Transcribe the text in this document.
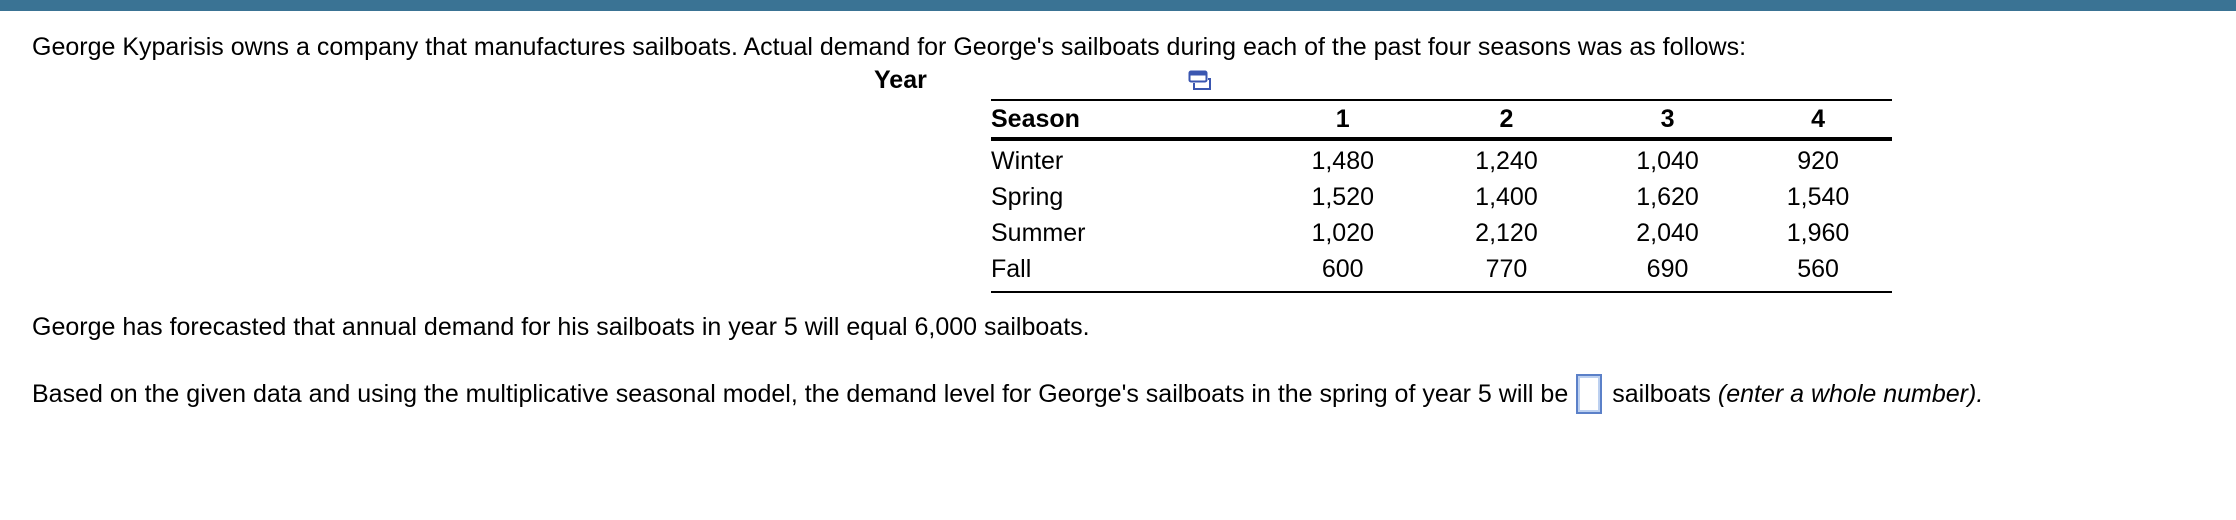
George Kyparisis owns a company that manufactures sailboats. Actual demand for George's sailboats during each of the past four seasons was as follows:
Year
Season	1	2	3	4
Winter	1,480	1,240	1,040	920
Spring	1,520	1,400	1,620	1,540
Summer	1,020	2,120	2,040	1,960
Fall	600	770	690	560
George has forecasted that annual demand for his sailboats in year 5 will equal 6,000 sailboats.
Based on the given data and using the multiplicative seasonal model, the demand level for George's sailboats in the spring of year 5 will be sailboats
(enter a whole number).
